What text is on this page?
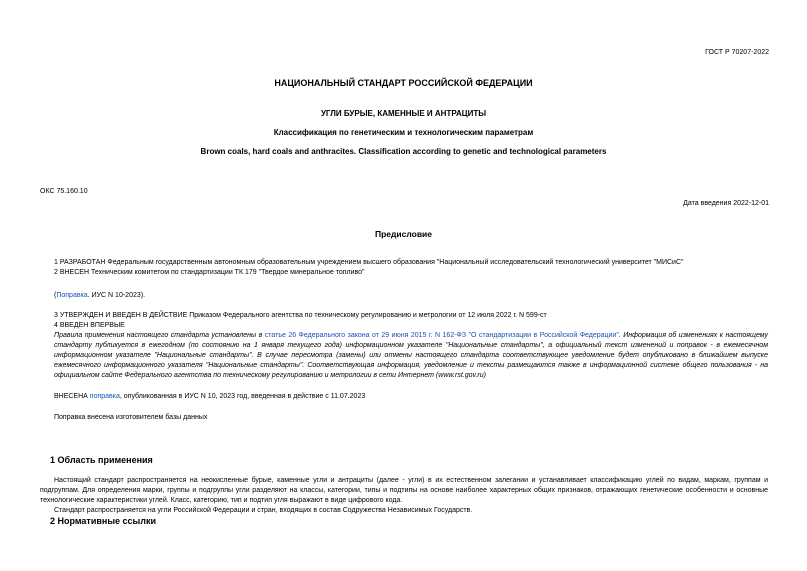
ГОСТ Р 70207-2022
НАЦИОНАЛЬНЫЙ СТАНДАРТ РОССИЙСКОЙ ФЕДЕРАЦИИ
УГЛИ БУРЫЕ, КАМЕННЫЕ И АНТРАЦИТЫ
Классификация по генетическим и технологическим параметрам
Brown coals, hard coals and anthracites. Classification according to genetic and technological parameters
ОКС 75.160.10
Дата введения 2022-12-01
Предисловие
1 РАЗРАБОТАН Федеральным государственным автономным образовательным учреждением высшего образования "Национальный исследовательский технологический университет "МИСиС"
2 ВНЕСЕН Техническим комитетом по стандартизации ТК 179 "Твердое минеральное топливо"
(Поправка. ИУС N 10-2023).
3 УТВЕРЖДЕН И ВВЕДЕН В ДЕЙСТВИЕ Приказом Федерального агентства по техническому регулированию и метрологии от 12 июля 2022 г. N 599-ст
4 ВВЕДЕН ВПЕРВЫЕ
Правила применения настоящего стандарта установлены в статье 26 Федерального закона от 29 июня 2015 г. N 162-ФЗ "О стандартизации в Российской Федерации". Информация об изменениях к настоящему стандарту публикуется в ежегодном (по состоянию на 1 января текущего года) информационном указателе "Национальные стандарты", а официальный текст изменений и поправок - в ежемесячном информационном указателе "Национальные стандарты". В случае пересмотра (замены) или отмены настоящего стандарта соответствующее уведомление будет опубликовано в ближайшем выпуске ежемесячного информационного указателя "Национальные стандарты". Соответствующая информация, уведомление и тексты размещаются также в информационной системе общего пользования - на официальном сайте Федерального агентства по техническому регулированию и метрологии в сети Интернет (www.rst.gov.ru)
ВНЕСЕНА поправка, опубликованная в ИУС N 10, 2023 год, введенная в действие с 11.07.2023
Поправка внесена изготовителем базы данных
1 Область применения
Настоящий стандарт распространяется на неокисленные бурые, каменные угли и антрациты (далее - угли) в их естественном залегании и устанавливает классификацию углей по видам, маркам, группам и подгруппам. Для определения марки, группы и подгруппы угли разделяют на классы, категории, типы и подтипы на основе наиболее характерных общих признаков, отражающих генетические особенности и основные технологические характеристики углей. Класс, категорию, тип и подтип угля выражают в виде цифрового кода.
Стандарт распространяется на угли Российской Федерации и стран, входящих в состав Содружества Независимых Государств.
2 Нормативные ссылки
